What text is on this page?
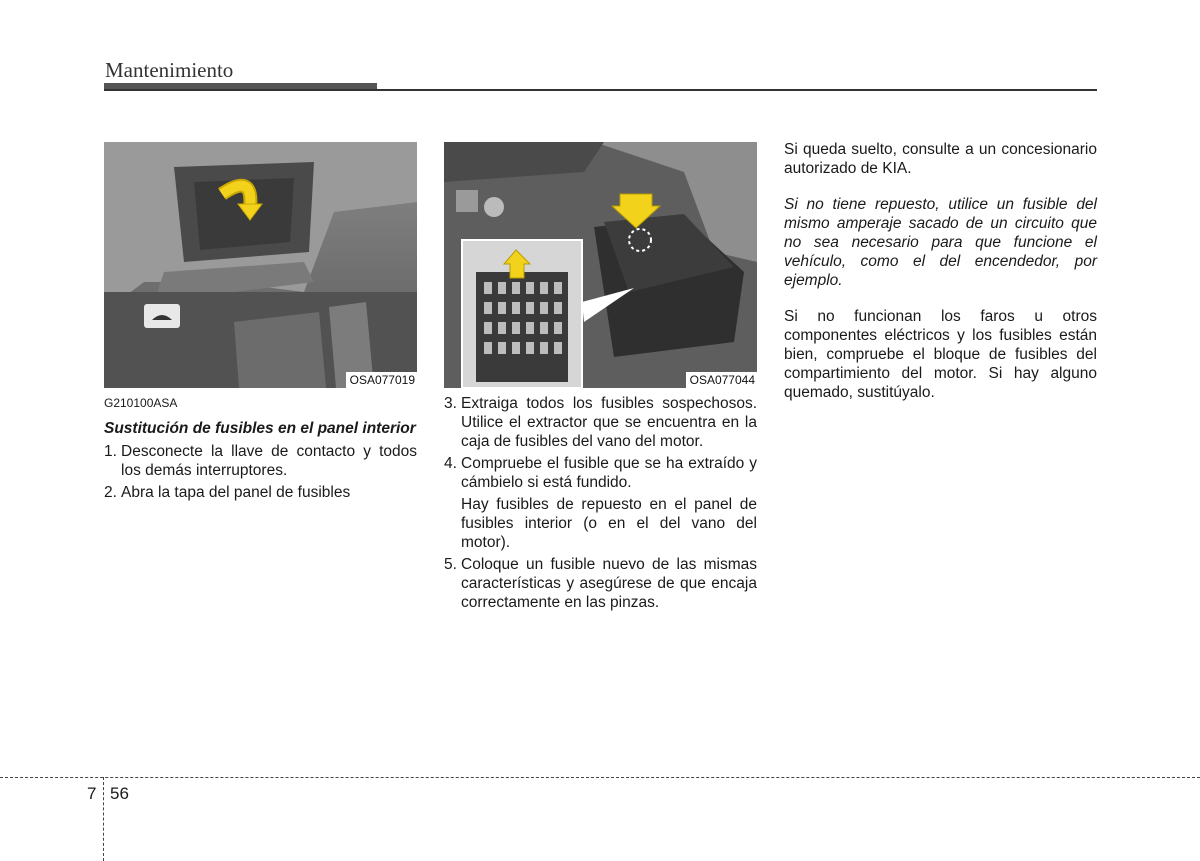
Mantenimiento
OSA077019	OSA077044
G210100ASA
Sustitución de fusibles en el panel interior
1. Desconecte la llave de contacto y todos los demás interruptores.
2. Abra la tapa del panel de fusibles
3. Extraiga todos los fusibles sospechosos. Utilice el extractor que se encuentra en la caja de fusibles del vano del motor.
4. Compruebe el fusible que se ha extraído y cámbielo si está fundido.
Hay fusibles de repuesto en el panel de fusibles interior (o en el del vano del motor).
5. Coloque un fusible nuevo de las mismas características y asegúrese de que encaja correctamente en las pinzas.
Si queda suelto, consulte a un concesionario autorizado de KIA.
Si no tiene repuesto, utilice un fusible del mismo amperaje sacado de un circuito que no sea necesario para que funcione el vehículo, como el del encendedor, por ejemplo.
Si no funcionan los faros u otros componentes eléctricos y los fusibles están bien, compruebe el bloque de fusibles del compartimiento del motor. Si hay alguno quemado, sustitúyalo.
7 56
